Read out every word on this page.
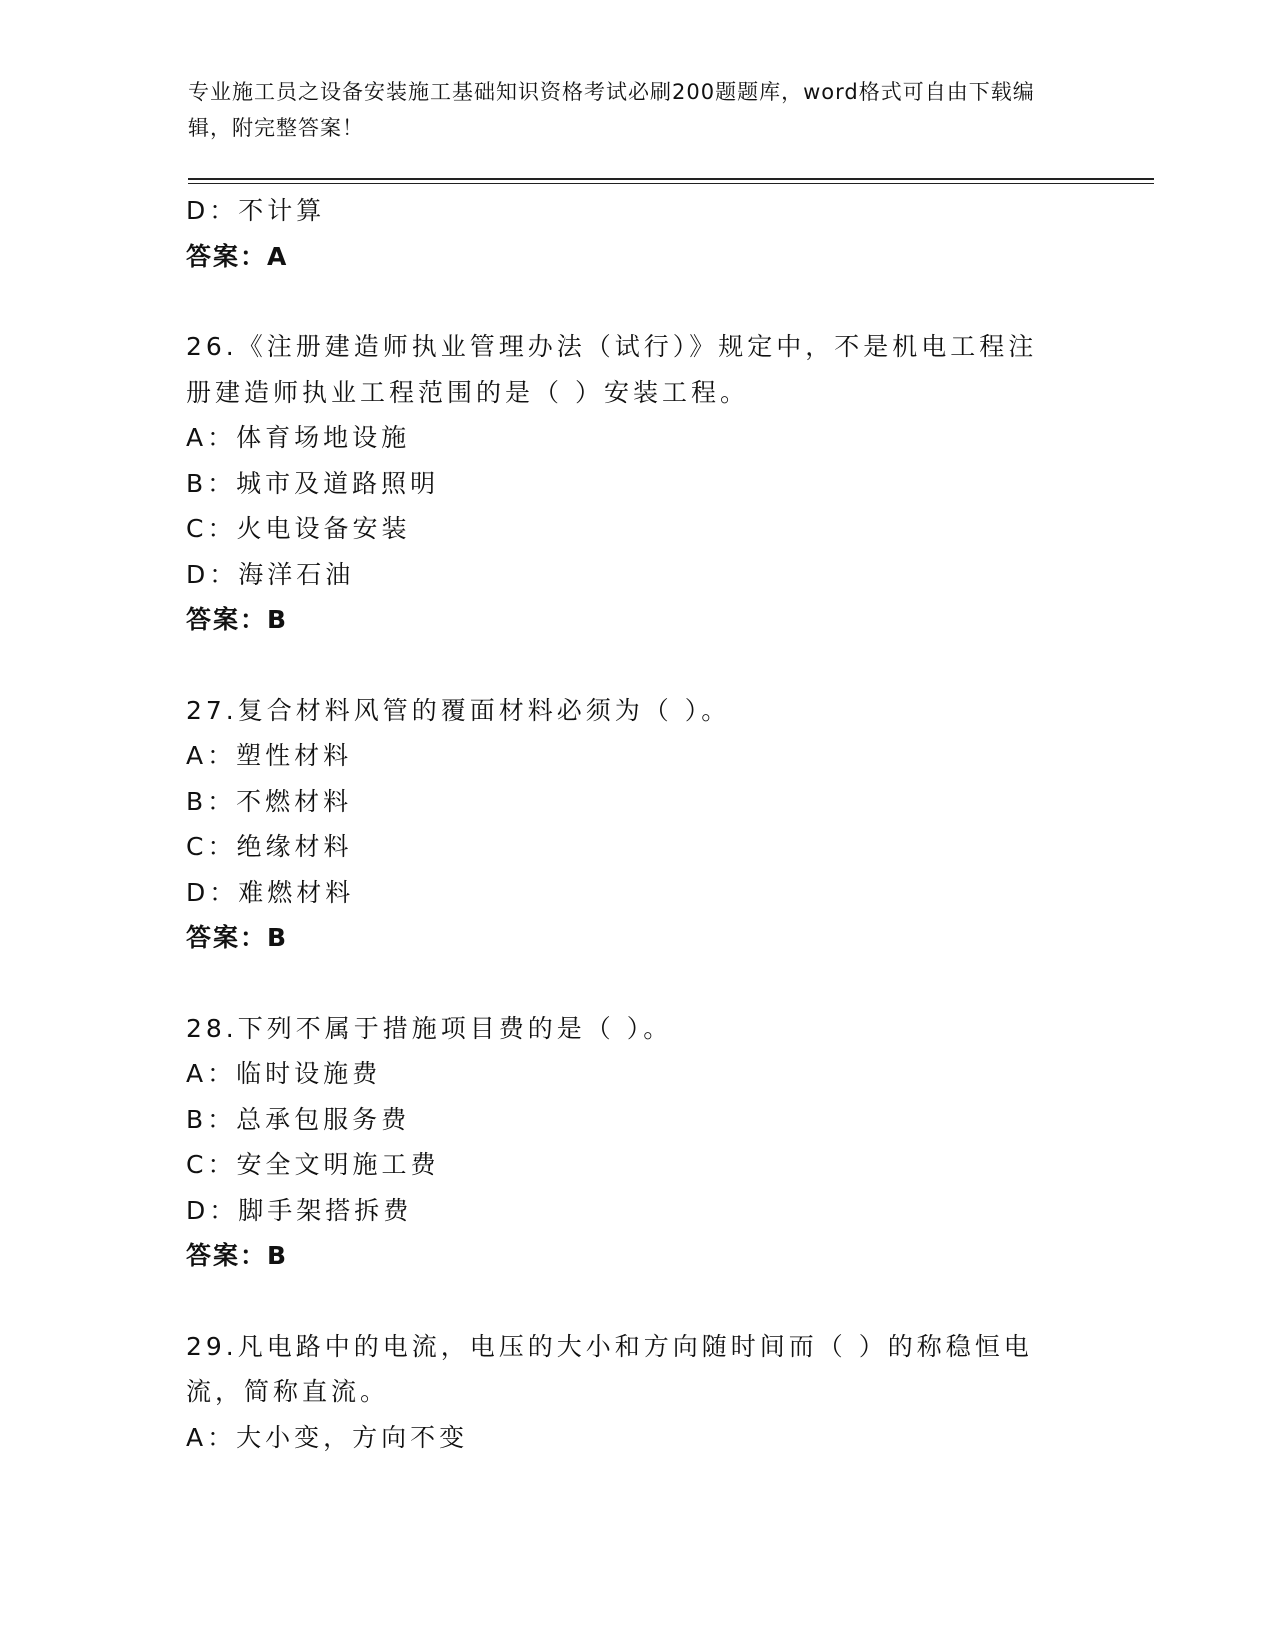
专业施工员之设备安装施工基础知识资格考试必刷200题题库，word格式可自由下载编辑，附完整答案！
D：不计算
答案：A
26.《注册建造师执业管理办法（试行）》规定中，不是机电工程注册建造师执业工程范围的是（ ）安装工程。
A：体育场地设施
B：城市及道路照明
C：火电设备安装
D：海洋石油
答案：B
27.复合材料风管的覆面材料必须为（ ）。
A：塑性材料
B：不燃材料
C：绝缘材料
D：难燃材料
答案：B
28.下列不属于措施项目费的是（ ）。
A：临时设施费
B：总承包服务费
C：安全文明施工费
D：脚手架搭拆费
答案：B
29.凡电路中的电流，电压的大小和方向随时间而（ ）的称稳恒电流，简称直流。
A：大小变，方向不变
